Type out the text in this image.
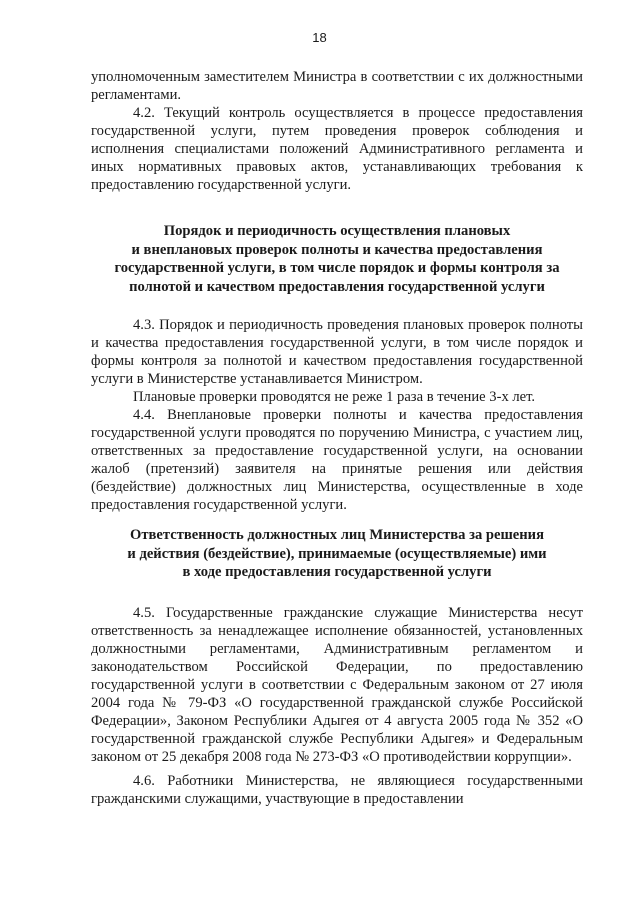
18

уполномоченным заместителем Министра в соответствии с их должностными регламентами.

4.2. Текущий контроль осуществляется в процессе предоставления государственной услуги, путем проведения проверок соблюдения и исполнения специалистами положений Административного регламента и иных нормативных правовых актов, устанавливающих требования к предоставлению государственной услуги.

Порядок и периодичность осуществления плановых
и внеплановых проверок полноты и качества предоставления
государственной услуги, в том числе порядок и формы контроля за
полнотой и качеством предоставления государственной услуги

4.3. Порядок и периодичность проведения плановых проверок полноты и качества предоставления государственной услуги, в том числе порядок и формы контроля за полнотой и качеством предоставления государственной услуги в Министерстве устанавливается Министром.

Плановые проверки проводятся не реже 1 раза в течение 3-х лет.

4.4. Внеплановые проверки полноты и качества предоставления государственной услуги проводятся по поручению Министра, с участием лиц, ответственных за предоставление государственной услуги, на основании жалоб (претензий) заявителя на принятые решения или действия (бездействие) должностных лиц Министерства, осуществленные в ходе предоставления государственной услуги.

Ответственность должностных лиц Министерства за решения
и действия (бездействие), принимаемые (осуществляемые) ими
в ходе предоставления государственной услуги

4.5. Государственные гражданские служащие Министерства несут ответственность за ненадлежащее исполнение обязанностей, установленных должностными регламентами, Административным регламентом и законодательством Российской Федерации, по предоставлению государственной услуги в соответствии с Федеральным законом от 27 июля 2004 года № 79-ФЗ «О государственной гражданской службе Российской Федерации», Законом Республики Адыгея от 4 августа 2005 года № 352 «О государственной гражданской службе Республики Адыгея» и Федеральным законом от 25 декабря 2008 года № 273-ФЗ «О противодействии коррупции».

4.6. Работники Министерства, не являющиеся государственными гражданскими служащими, участвующие в предоставлении
